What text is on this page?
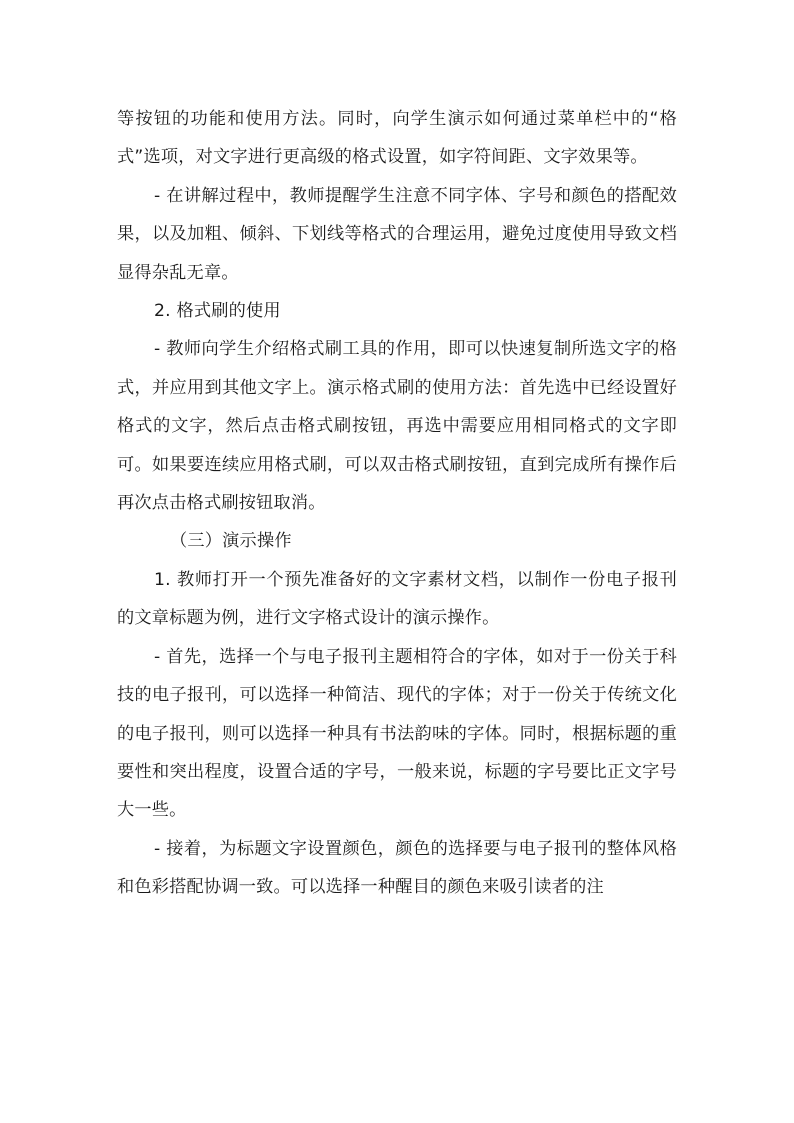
等按钮的功能和使用方法。同时，向学生演示如何通过菜单栏中的“格式”选项，对文字进行更高级的格式设置，如字符间距、文字效果等。

- 在讲解过程中，教师提醒学生注意不同字体、字号和颜色的搭配效果，以及加粗、倾斜、下划线等格式的合理运用，避免过度使用导致文档显得杂乱无章。

2. 格式刷的使用

- 教师向学生介绍格式刷工具的作用，即可以快速复制所选文字的格式，并应用到其他文字上。演示格式刷的使用方法：首先选中已经设置好格式的文字，然后点击格式刷按钮，再选中需要应用相同格式的文字即可。如果要连续应用格式刷，可以双击格式刷按钮，直到完成所有操作后再次点击格式刷按钮取消。

（三）演示操作

1. 教师打开一个预先准备好的文字素材文档，以制作一份电子报刊的文章标题为例，进行文字格式设计的演示操作。

- 首先，选择一个与电子报刊主题相符合的字体，如对于一份关于科技的电子报刊，可以选择一种简洁、现代的字体；对于一份关于传统文化的电子报刊，则可以选择一种具有书法韵味的字体。同时，根据标题的重要性和突出程度，设置合适的字号，一般来说，标题的字号要比正文字号大一些。

- 接着，为标题文字设置颜色，颜色的选择要与电子报刊的整体风格和色彩搭配协调一致。可以选择一种醒目的颜色来吸引读者的注
